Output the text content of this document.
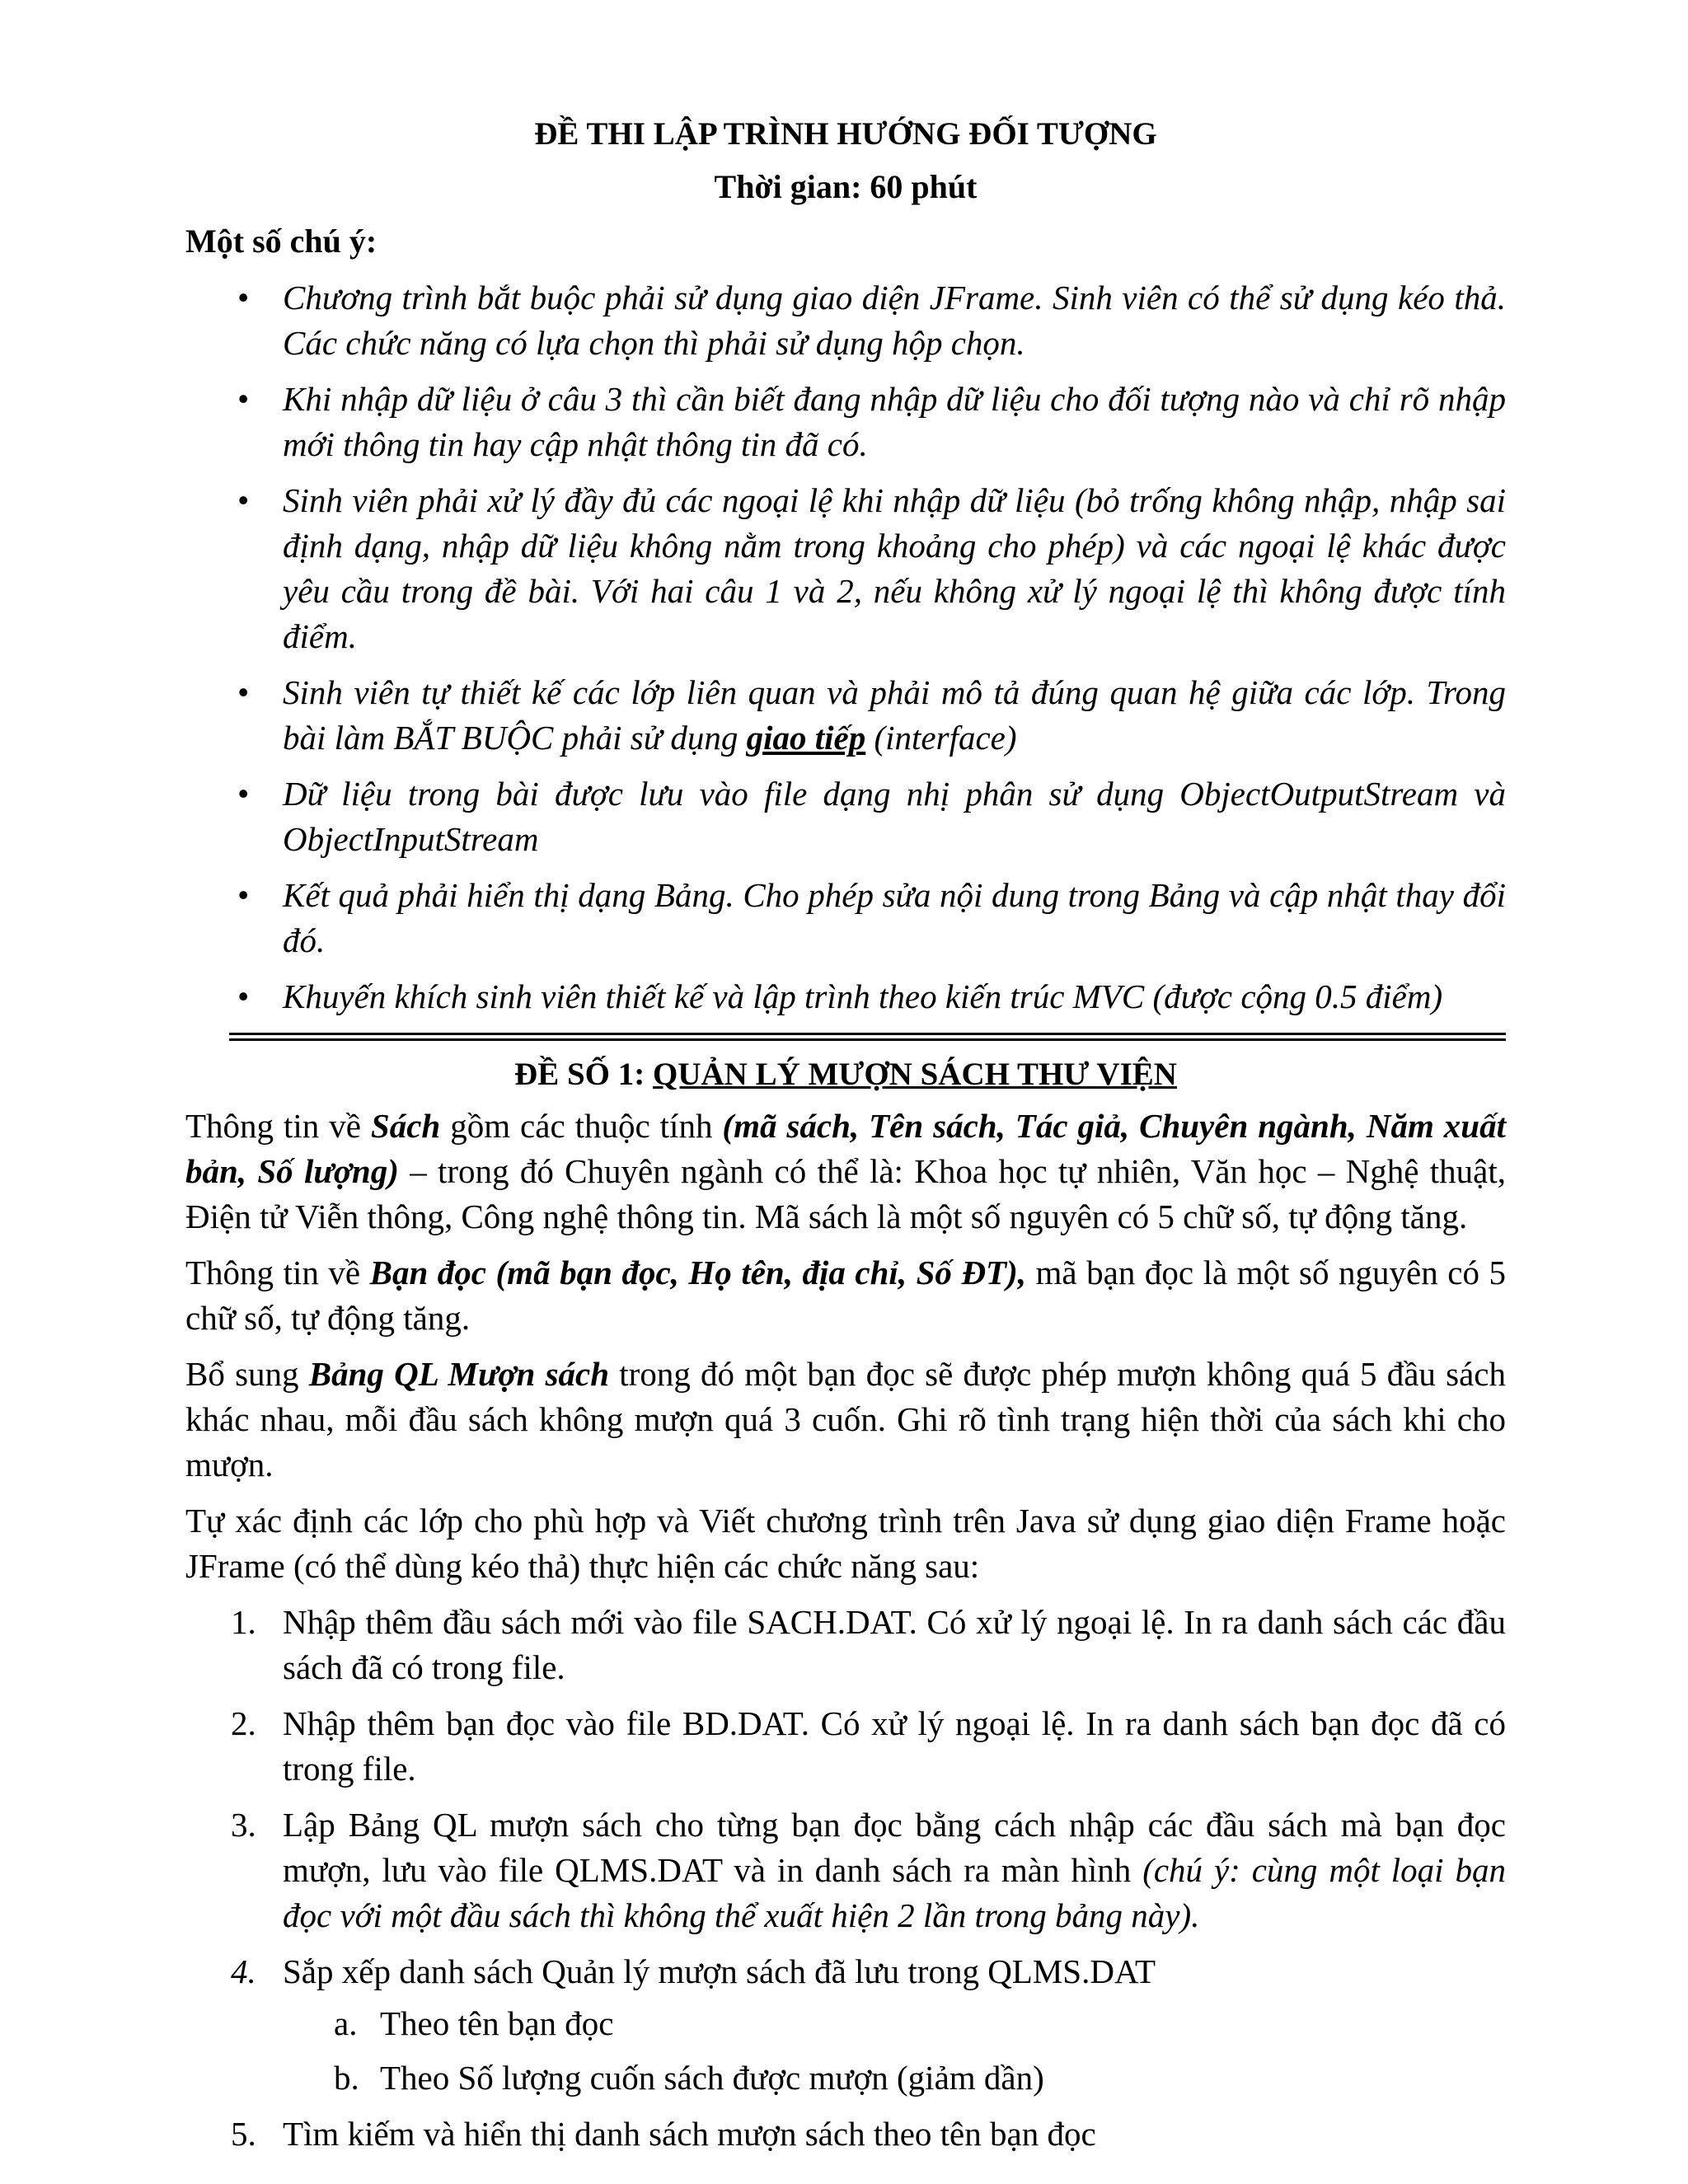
ĐỀ THI LẬP TRÌNH HƯỚNG ĐỐI TƯỢNG
Thời gian: 60 phút
Một số chú ý:
• Chương trình bắt buộc phải sử dụng giao diện JFrame. Sinh viên có thể sử dụng kéo thả. Các chức năng có lựa chọn thì phải sử dụng hộp chọn.
• Khi nhập dữ liệu ở câu 3 thì cần biết đang nhập dữ liệu cho đối tượng nào và chỉ rõ nhập mới thông tin hay cập nhật thông tin đã có.
• Sinh viên phải xử lý đầy đủ các ngoại lệ khi nhập dữ liệu (bỏ trống không nhập, nhập sai định dạng, nhập dữ liệu không nằm trong khoảng cho phép) và các ngoại lệ khác được yêu cầu trong đề bài. Với hai câu 1 và 2, nếu không xử lý ngoại lệ thì không được tính điểm.
• Sinh viên tự thiết kế các lớp liên quan và phải mô tả đúng quan hệ giữa các lớp. Trong bài làm BẮT BUỘC phải sử dụng giao tiếp (interface)
• Dữ liệu trong bài được lưu vào file dạng nhị phân sử dụng ObjectOutputStream và ObjectInputStream
• Kết quả phải hiển thị dạng Bảng. Cho phép sửa nội dung trong Bảng và cập nhật thay đổi đó.
• Khuyến khích sinh viên thiết kế và lập trình theo kiến trúc MVC (được cộng 0.5 điểm)
ĐỀ SỐ 1: QUẢN LÝ MƯỢN SÁCH THƯ VIỆN

Thông tin về Sách gồm các thuộc tính (mã sách, Tên sách, Tác giả, Chuyên ngành, Năm xuất bản, Số lượng) – trong đó Chuyên ngành có thể là: Khoa học tự nhiên, Văn học – Nghệ thuật, Điện tử Viễn thông, Công nghệ thông tin. Mã sách là một số nguyên có 5 chữ số, tự động tăng.

Thông tin về Bạn đọc (mã bạn đọc, Họ tên, địa chỉ, Số ĐT), mã bạn đọc là một số nguyên có 5 chữ số, tự động tăng.

Bổ sung Bảng QL Mượn sách trong đó một bạn đọc sẽ được phép mượn không quá 5 đầu sách khác nhau, mỗi đầu sách không mượn quá 3 cuốn. Ghi rõ tình trạng hiện thời của sách khi cho mượn.

Tự xác định các lớp cho phù hợp và Viết chương trình trên Java sử dụng giao diện Frame hoặc JFrame (có thể dùng kéo thả) thực hiện các chức năng sau:

1. Nhập thêm đầu sách mới vào file SACH.DAT. Có xử lý ngoại lệ. In ra danh sách các đầu sách đã có trong file.
2. Nhập thêm bạn đọc vào file BD.DAT. Có xử lý ngoại lệ. In ra danh sách bạn đọc đã có trong file.
3. Lập Bảng QL mượn sách cho từng bạn đọc bằng cách nhập các đầu sách mà bạn đọc mượn, lưu vào file QLMS.DAT và in danh sách ra màn hình (chú ý: cùng một loại bạn đọc với một đầu sách thì không thể xuất hiện 2 lần trong bảng này).
4. Sắp xếp danh sách Quản lý mượn sách đã lưu trong QLMS.DAT
a. Theo tên bạn đọc
b. Theo Số lượng cuốn sách được mượn (giảm dần)
5. Tìm kiếm và hiển thị danh sách mượn sách theo tên bạn đọc
